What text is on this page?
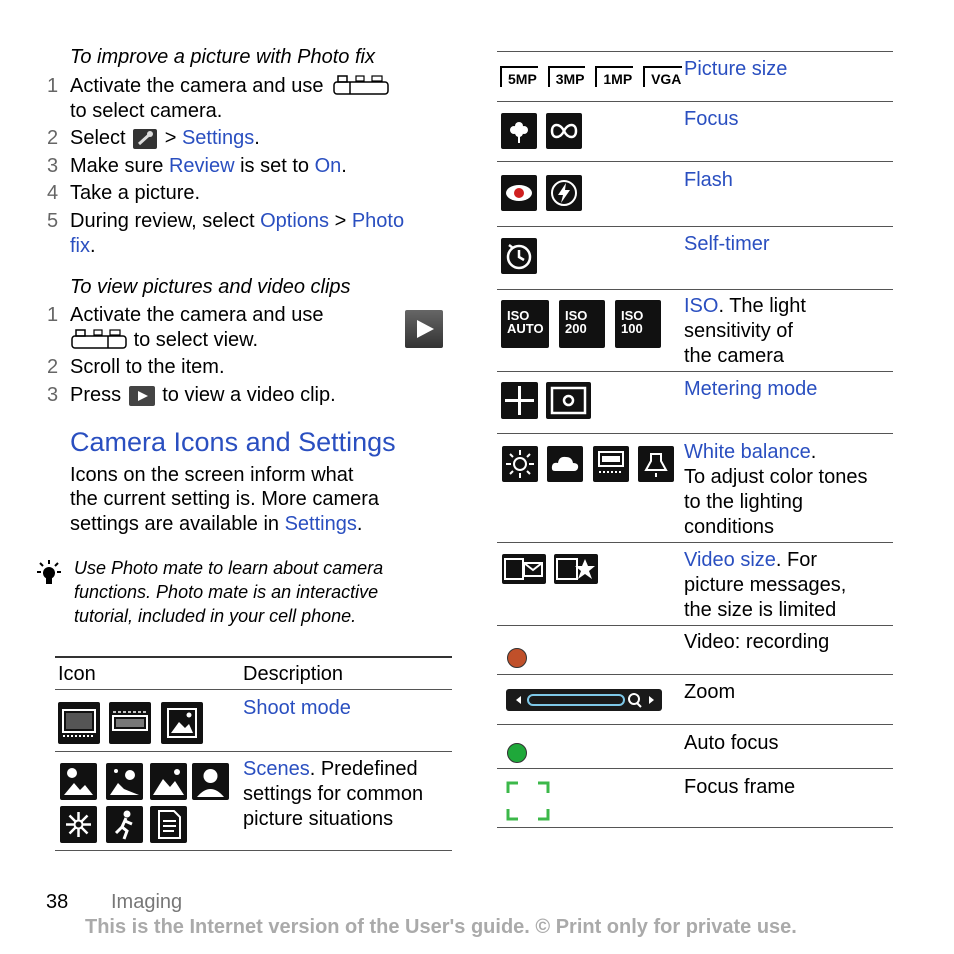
To improve a picture with Photo fix
1 Activate the camera and use
to select camera.
2 Select > Settings.
3 Make sure Review is set to On.
4 Take a picture.
5 During review, select Options > Photo
fix.
To view pictures and video clips
1 Activate the camera and use
to select view.
2 Scroll to the item.
3 Press to view a video clip.
Camera Icons and Settings
Icons on the screen inform what
the current setting is. More camera
settings are available in Settings.
Use Photo mate to learn about camera
functions. Photo mate is an interactive
tutorial, included in your cell phone.
Icon	Description
Shoot mode
Scenes. Predefined
settings for common
picture situations
5MP 3MP 1MP VGA Picture size
Focus
Flash
Self-timer
ISO
AUTO
ISO
200
ISO
100
ISO. The light
sensitivity of
the camera
Metering mode
White balance.
To adjust color tones
to the lighting
conditions
Video size. For
picture messages,
the size is limited
Video: recording
Zoom
Auto focus
Focus frame
38 Imaging
This is the Internet version of the User's guide. © Print only for private use.
